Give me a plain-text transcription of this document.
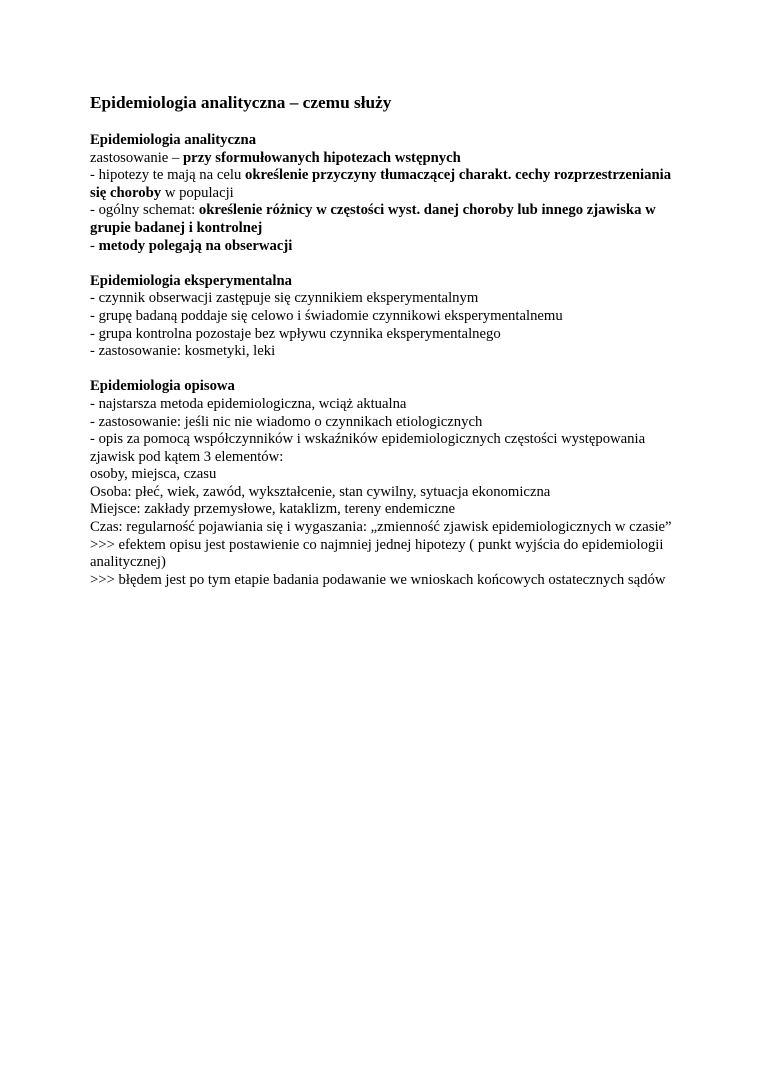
Epidemiologia analityczna – czemu służy
Epidemiologia analityczna
zastosowanie – przy sformułowanych hipotezach wstępnych
- hipotezy te mają na celu określenie przyczyny tłumaczącej charakt. cechy rozprzestrzeniania się choroby w populacji
- ogólny schemat: określenie różnicy w częstości wyst. danej choroby lub innego zjawiska w grupie badanej i kontrolnej
- metody polegają na obserwacji
Epidemiologia eksperymentalna
- czynnik obserwacji zastępuje się czynnikiem eksperymentalnym
- grupę badaną poddaje się celowo i świadomie czynnikowi eksperymentalnemu
- grupa kontrolna pozostaje bez wpływu czynnika eksperymentalnego
- zastosowanie: kosmetyki, leki
Epidemiologia opisowa
- najstarsza metoda epidemiologiczna, wciąż aktualna
- zastosowanie: jeśli nic nie wiadomo o czynnikach etiologicznych
- opis za pomocą współczynników i wskaźników epidemiologicznych częstości występowania zjawisk pod kątem 3 elementów:
osoby, miejsca, czasu
Osoba: płeć, wiek, zawód, wykształcenie, stan cywilny, sytuacja ekonomiczna
Miejsce: zakłady przemysłowe, kataklizm, tereny endemiczne
Czas: regularność pojawiania się i wygaszania: „zmienność zjawisk epidemiologicznych w czasie”
>>> efektem opisu jest postawienie co najmniej jednej hipotezy ( punkt wyjścia do epidemiologii analitycznej)
>>> błędem jest po tym etapie badania podawanie we wnioskach końcowych ostatecznych sądów
